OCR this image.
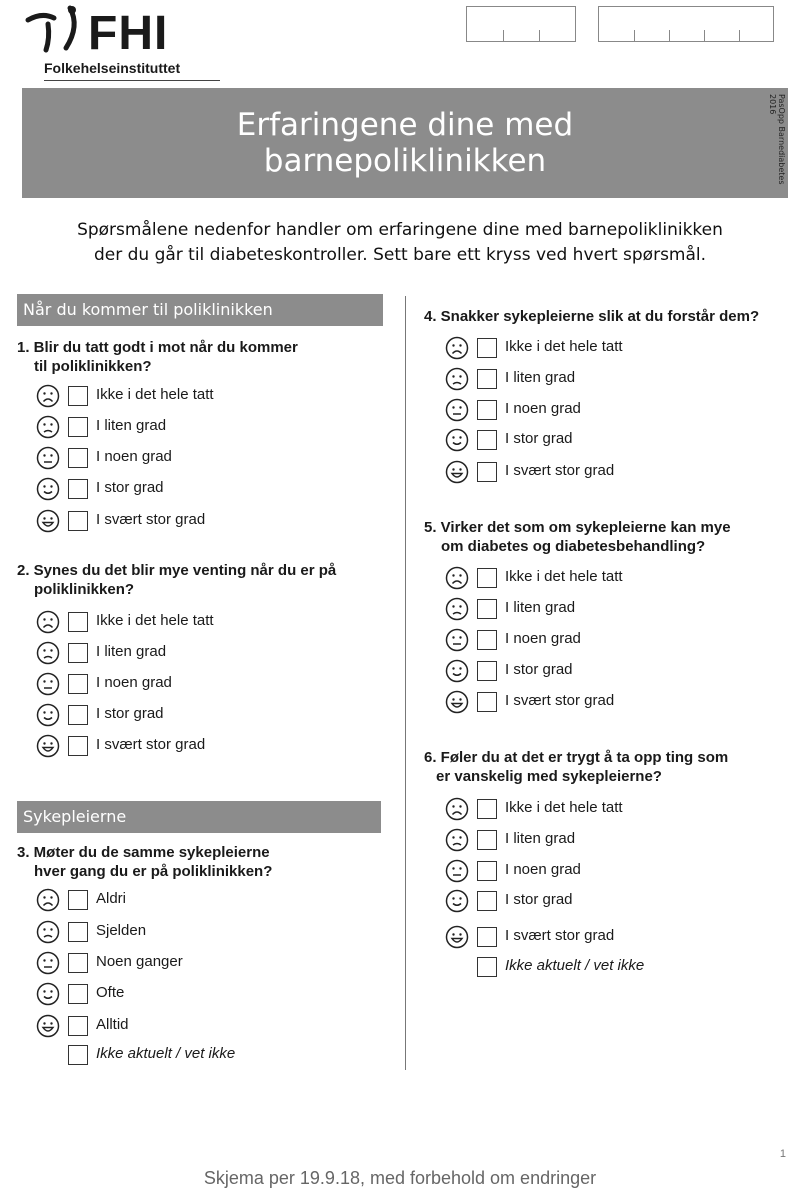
FHI
Folkehelseinstituttet
Erfaringene dine med
barnepoliklinikken	PasOpp Barnediabetes 2016
Spørsmålene nedenfor handler om erfaringene dine med barnepoliklinikken
der du går til diabeteskontroller. Sett bare ett kryss ved hvert spørsmål.
Når du kommer til poliklinikken
Sykepleierne
1. Blir du tatt godt i mot når du kommer
til poliklinikken?
2. Synes du det blir mye venting når du er på
poliklinikken?
3. Møter du de samme sykepleierne
hver gang du er på poliklinikken?
4. Snakker sykepleierne slik at du forstår dem?
5. Virker det som om sykepleierne kan mye
om diabetes og diabetesbehandling?
6. Føler du at det er trygt å ta opp ting som
er vanskelig med sykepleierne?
Ikke i det hele tatt
I liten grad
I noen grad
I stor grad
I svært stor grad
Ikke i det hele tatt
I liten grad
I noen grad
I stor grad
I svært stor grad
Aldri
Sjelden
Noen ganger
Ofte
Alltid
Ikke aktuelt / vet ikke
Ikke i det hele tatt
I liten grad
I noen grad
I stor grad
I svært stor grad
Ikke i det hele tatt
I liten grad
I noen grad
I stor grad
I svært stor grad
Ikke i det hele tatt
I liten grad
I noen grad
I stor grad
I svært stor grad
Ikke aktuelt / vet ikke
1
Skjema per 19.9.18, med forbehold om endringer
